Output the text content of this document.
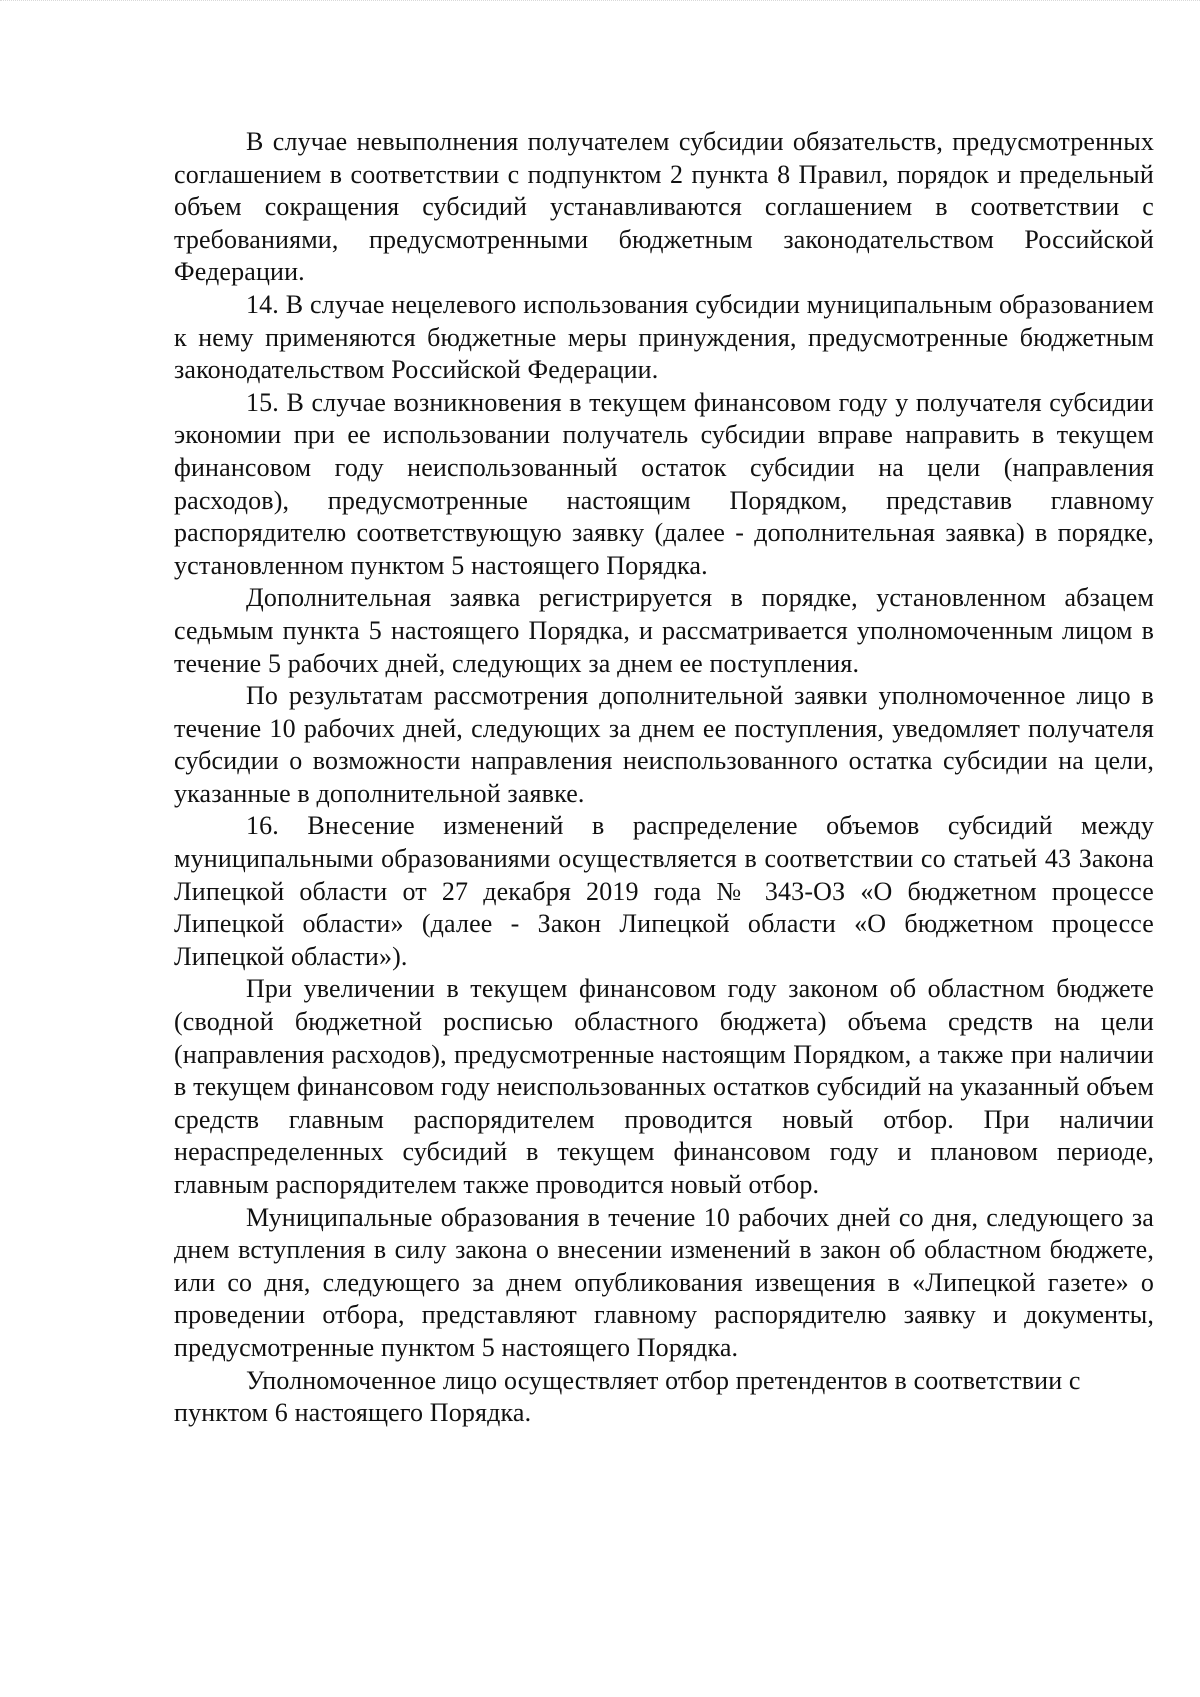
В случае невыполнения получателем субсидии обязательств, предусмотренных соглашением в соответствии с подпунктом 2 пункта 8 Правил, порядок и предельный объем сокращения субсидий устанавливаются соглашением в соответствии с требованиями, предусмотренными бюджетным законодательством Российской Федерации.

14. В случае нецелевого использования субсидии муниципальным образованием к нему применяются бюджетные меры принуждения, предусмотренные бюджетным законодательством Российской Федерации.

15. В случае возникновения в текущем финансовом году у получателя субсидии экономии при ее использовании получатель субсидии вправе направить в текущем финансовом году неиспользованный остаток субсидии на цели (направления расходов), предусмотренные настоящим Порядком, представив главному распорядителю соответствующую заявку (далее - дополнительная заявка) в порядке, установленном пунктом 5 настоящего Порядка.

Дополнительная заявка регистрируется в порядке, установленном абзацем седьмым пункта 5 настоящего Порядка, и рассматривается уполномоченным лицом в течение 5 рабочих дней, следующих за днем ее поступления.

По результатам рассмотрения дополнительной заявки уполномоченное лицо в течение 10 рабочих дней, следующих за днем ее поступления, уведомляет получателя субсидии о возможности направления неиспользованного остатка субсидии на цели, указанные в дополнительной заявке.

16. Внесение изменений в распределение объемов субсидий между муниципальными образованиями осуществляется в соответствии со статьей 43 Закона Липецкой области от 27 декабря 2019 года № 343-ОЗ «О бюджетном процессе Липецкой области» (далее - Закон Липецкой области «О бюджетном процессе Липецкой области»).

При увеличении в текущем финансовом году законом об областном бюджете (сводной бюджетной росписью областного бюджета) объема средств на цели (направления расходов), предусмотренные настоящим Порядком, а также при наличии в текущем финансовом году неиспользованных остатков субсидий на указанный объем средств главным распорядителем проводится новый отбор. При наличии нераспределенных субсидий в текущем финансовом году и плановом периоде, главным распорядителем также проводится новый отбор.

Муниципальные образования в течение 10 рабочих дней со дня, следующего за днем вступления в силу закона о внесении изменений в закон об областном бюджете, или со дня, следующего за днем опубликования извещения в «Липецкой газете» о проведении отбора, представляют главному распорядителю заявку и документы, предусмотренные пунктом 5 настоящего Порядка.

Уполномоченное лицо осуществляет отбор претендентов в соответствии с пунктом 6 настоящего Порядка.
